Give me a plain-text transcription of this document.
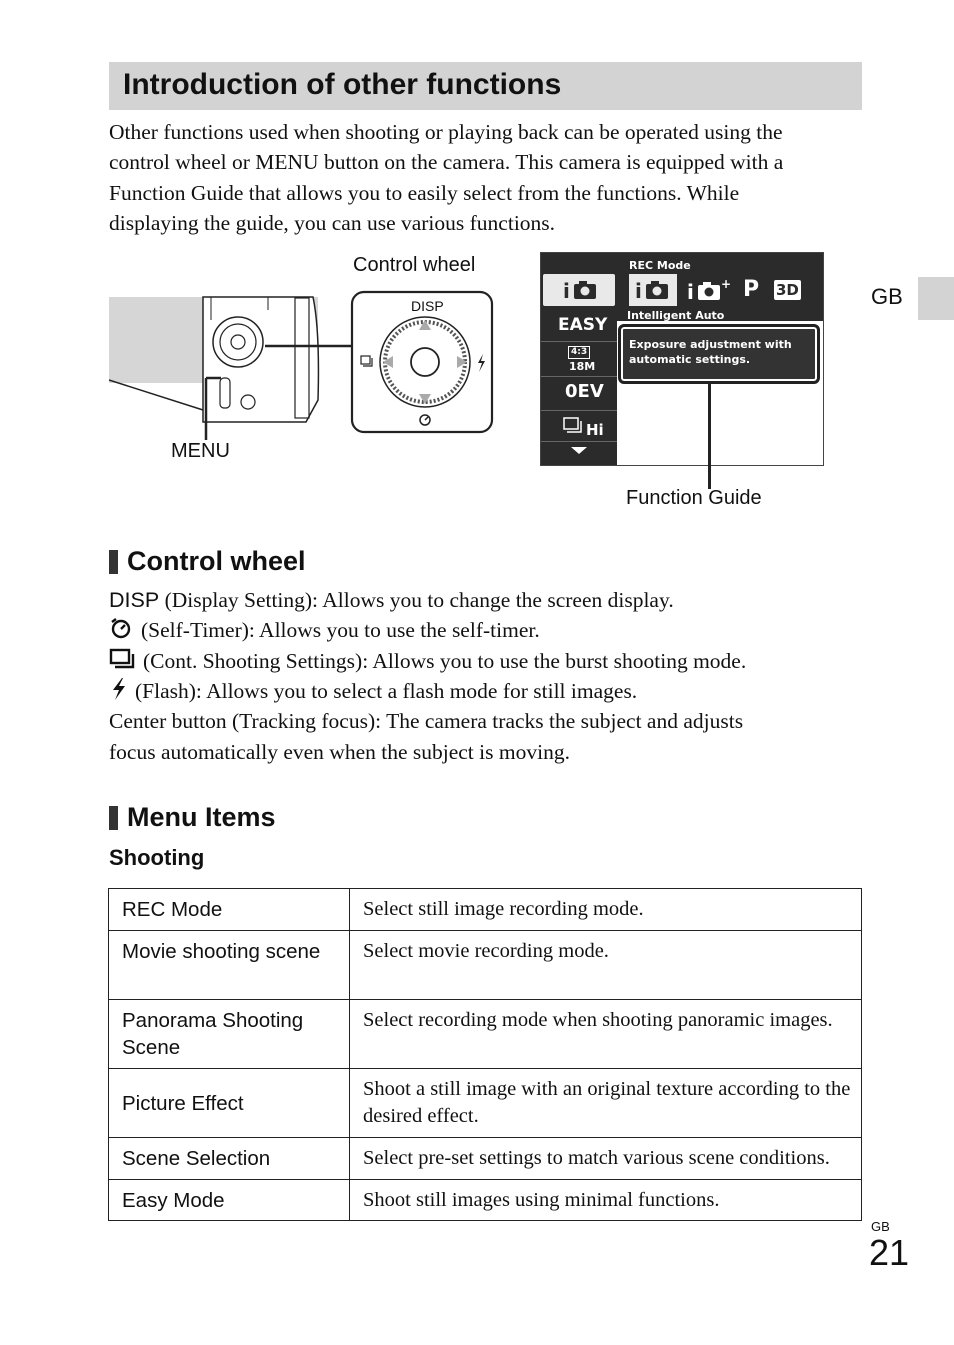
Introduction of other functions
Other functions used when shooting or playing back can be operated using the
control wheel or MENU button on the camera. This camera is equipped with a
Function Guide that allows you to easily select from the functions. While
displaying the guide, you can use various functions.
GB
DISP
Control wheel
MENU
i
EASY
4:3
18M
0EV
Hi
REC Mode
i i + P 3D
Intelligent Auto
Exposure adjustment with
automatic settings.
Function Guide
Control wheel
DISP (Display Setting): Allows you to change the screen display.
(Self-Timer): Allows you to use the self-timer.
(Cont. Shooting Settings): Allows you to use the burst shooting mode.
(Flash): Allows you to select a flash mode for still images.
Center button (Tracking focus): The camera tracks the subject and adjusts
focus automatically even when the subject is moving.
Menu Items
Shooting
REC Mode	Select still image recording mode.
Movie shooting scene	Select movie recording mode.
Panorama Shooting Scene	Select recording mode when shooting panoramic images.
Picture Effect	Shoot a still image with an original texture according to the desired effect.
Scene Selection	Select pre-set settings to match various scene conditions.
Easy Mode	Shoot still images using minimal functions.
GB
21
